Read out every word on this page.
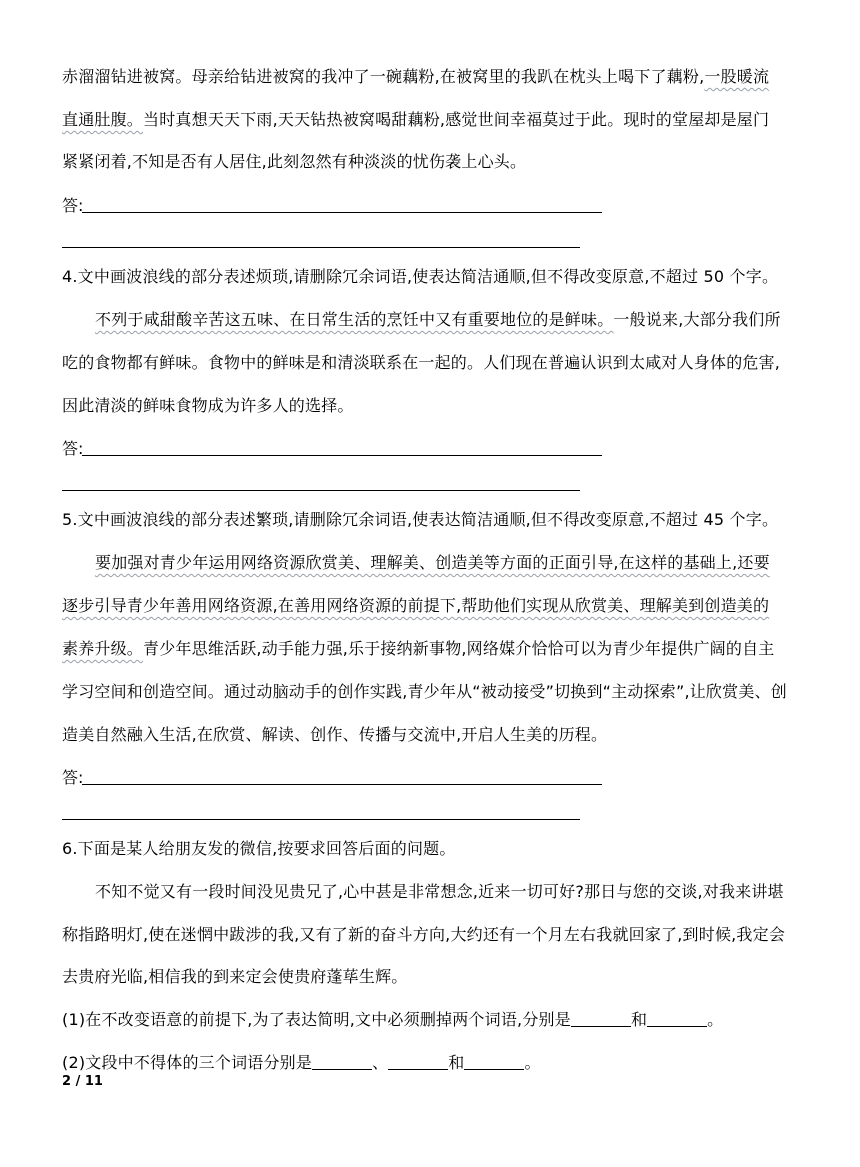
赤溜溜钻进被窝。母亲给钻进被窝的我冲了一碗藕粉,在被窝里的我趴在枕头上喝下了藕粉,一股暖流
直通肚腹。当时真想天天下雨,天天钻热被窝喝甜藕粉,感觉世间幸福莫过于此。现时的堂屋却是屋门
紧紧闭着,不知是否有人居住,此刻忽然有种淡淡的忧伤袭上心头。
答:
4.文中画波浪线的部分表述烦琐,请删除冗余词语,使表达简洁通顺,但不得改变原意,不超过 50 个字。
不列于咸甜酸辛苦这五味、在日常生活的烹饪中又有重要地位的是鲜味。一般说来,大部分我们所
吃的食物都有鲜味。食物中的鲜味是和清淡联系在一起的。人们现在普遍认识到太咸对人身体的危害,
因此清淡的鲜味食物成为许多人的选择。
答:
5.文中画波浪线的部分表述繁琐,请删除冗余词语,使表达简洁通顺,但不得改变原意,不超过 45 个字。
要加强对青少年运用网络资源欣赏美、理解美、创造美等方面的正面引导,在这样的基础上,还要
逐步引导青少年善用网络资源,在善用网络资源的前提下,帮助他们实现从欣赏美、理解美到创造美的
素养升级。青少年思维活跃,动手能力强,乐于接纳新事物,网络媒介恰恰可以为青少年提供广阔的自主
学习空间和创造空间。通过动脑动手的创作实践,青少年从“被动接受”切换到“主动探索”,让欣赏美、创
造美自然融入生活,在欣赏、解读、创作、传播与交流中,开启人生美的历程。
答:
6.下面是某人给朋友发的微信,按要求回答后面的问题。
不知不觉又有一段时间没见贵兄了,心中甚是非常想念,近来一切可好?那日与您的交谈,对我来讲堪
称指路明灯,使在迷惘中跋涉的我,又有了新的奋斗方向,大约还有一个月左右我就回家了,到时候,我定会
去贵府光临,相信我的到来定会使贵府蓬荜生辉。
(1)在不改变语意的前提下,为了表达简明,文中必须删掉两个词语,分别是	和	。
(2)文段中不得体的三个词语分别是	、	和	。
2 / 11
